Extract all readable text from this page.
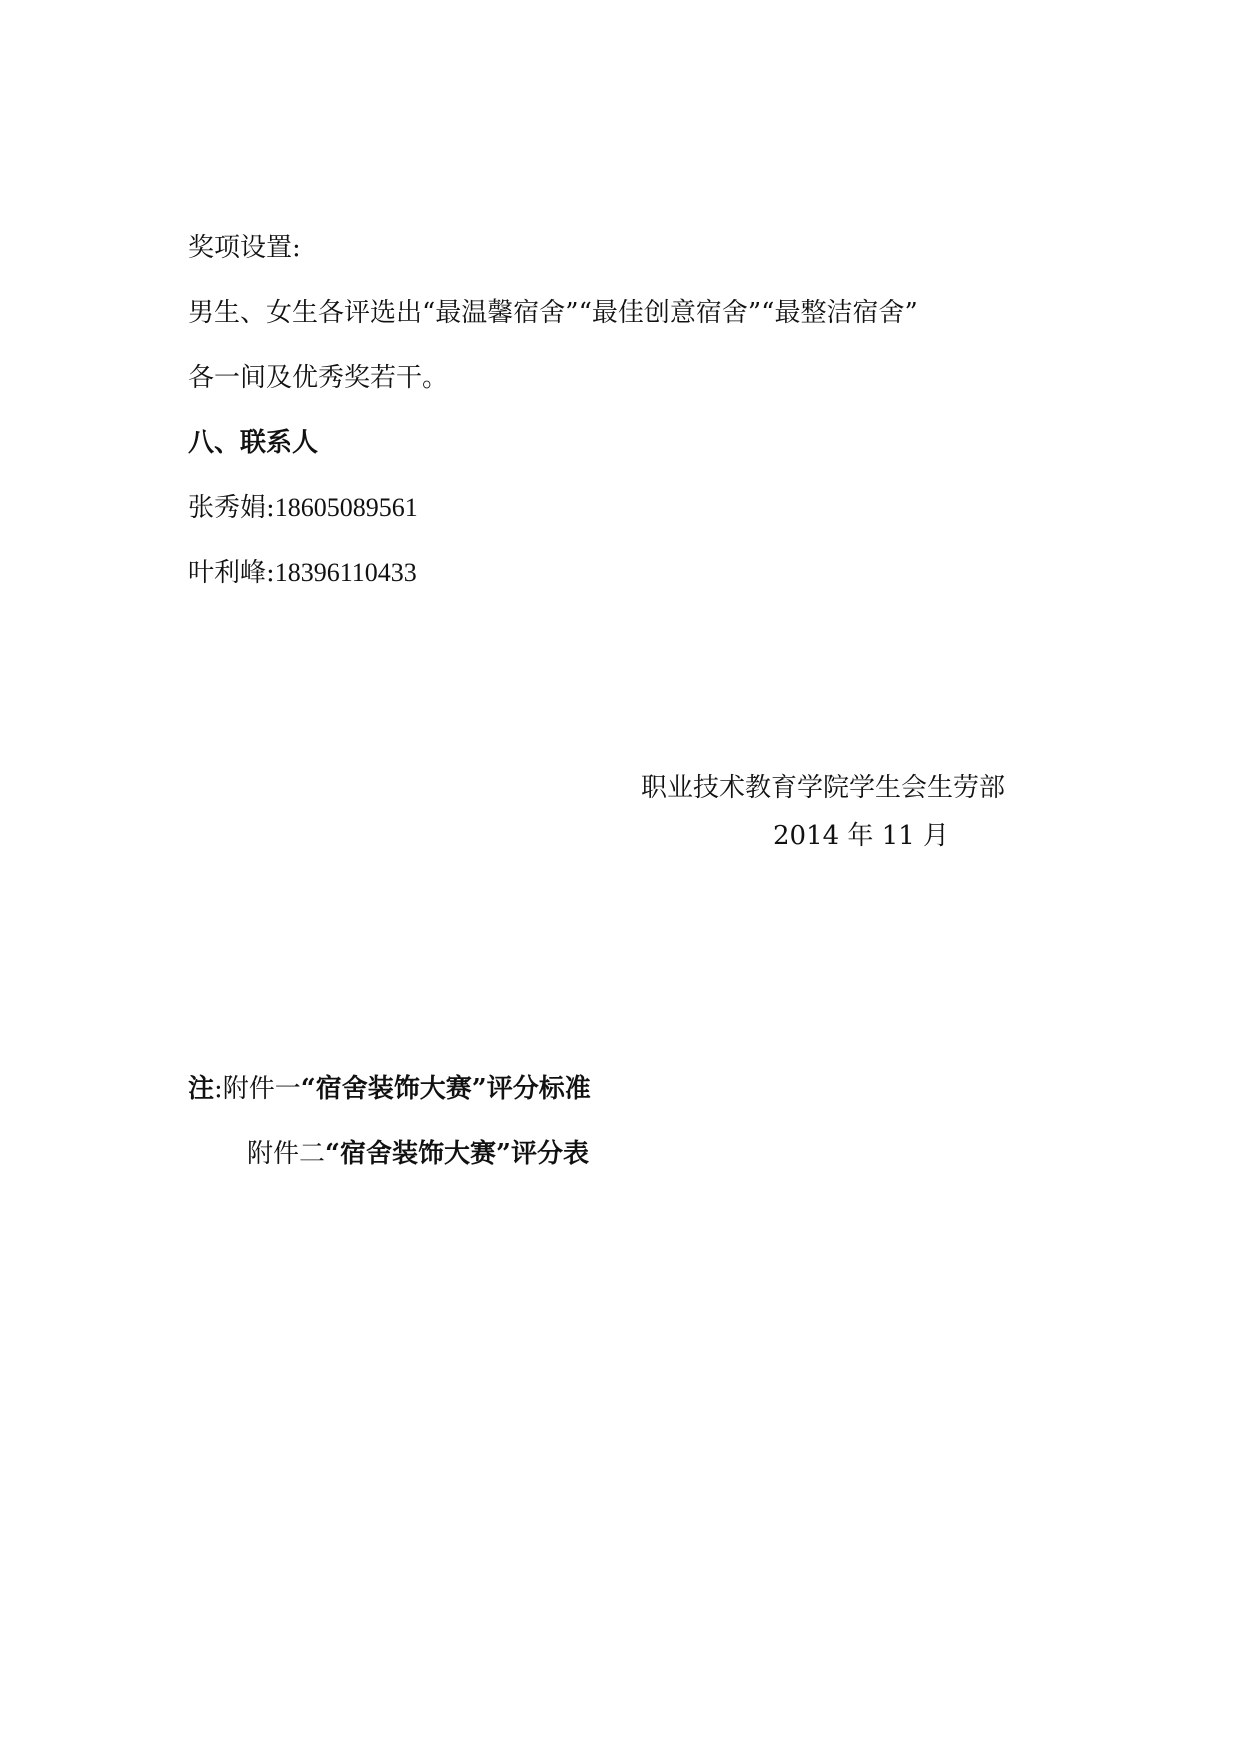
奖项设置:
男生、女生各评选出“最温馨宿舍”“最佳创意宿舍”“最整洁宿舍”
各一间及优秀奖若干。
八、联系人
张秀娟:18605089561
叶利峰:18396110433
职业技术教育学院学生会生劳部
2014 年 11 月
注:附件一“宿舍装饰大赛”评分标准
附件二“宿舍装饰大赛”评分表
